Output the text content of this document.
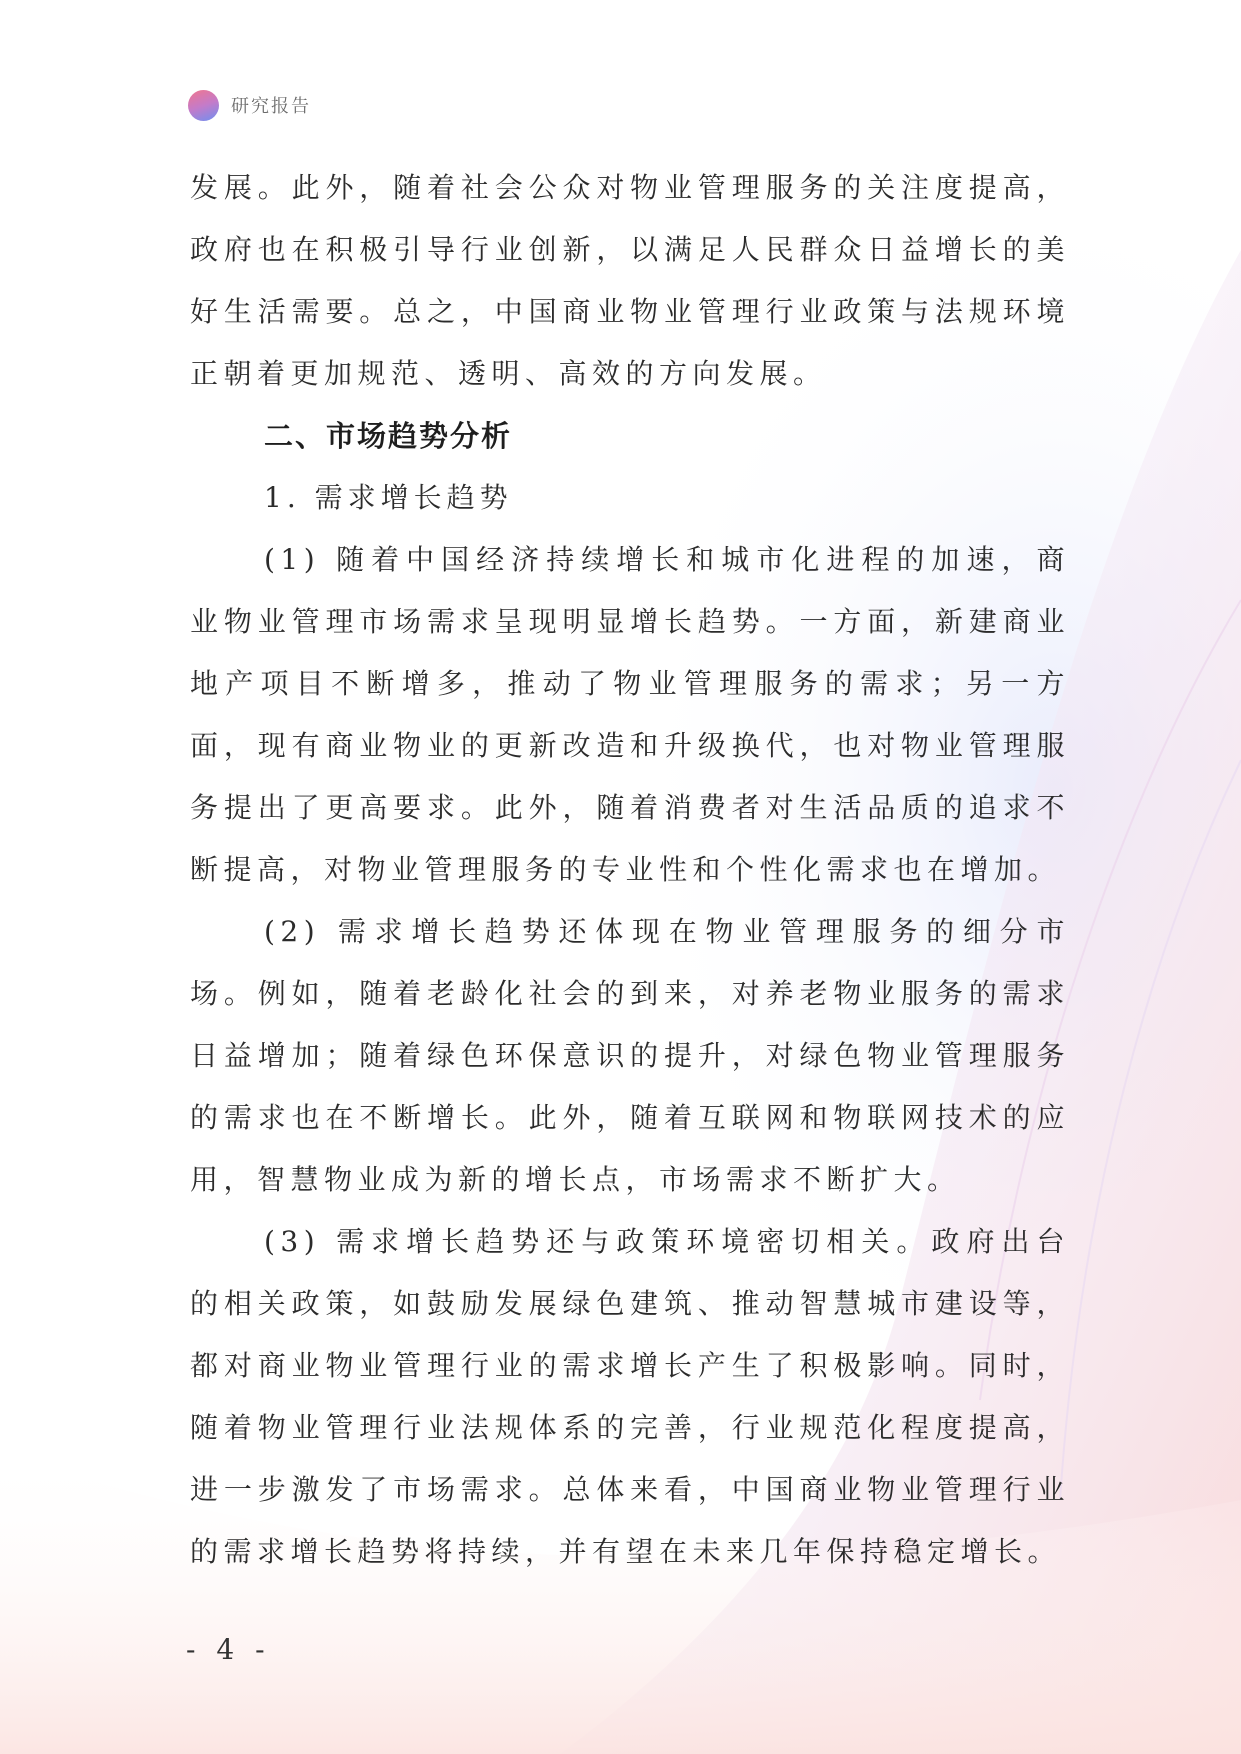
研究报告

发展。此外，随着社会公众对物业管理服务的关注度提高，政府也在积极引导行业创新，以满足人民群众日益增长的美好生活需要。总之，中国商业物业管理行业政策与法规环境正朝着更加规范、透明、高效的方向发展。

二、市场趋势分析

1. 需求增长趋势

(1) 随着中国经济持续增长和城市化进程的加速，商业物业管理市场需求呈现明显增长趋势。一方面，新建商业地产项目不断增多，推动了物业管理服务的需求；另一方面，现有商业物业的更新改造和升级换代，也对物业管理服务提出了更高要求。此外，随着消费者对生活品质的追求不断提高，对物业管理服务的专业性和个性化需求也在增加。

(2) 需求增长趋势还体现在物业管理服务的细分市场。例如，随着老龄化社会的到来，对养老物业服务的需求日益增加；随着绿色环保意识的提升，对绿色物业管理服务的需求也在不断增长。此外，随着互联网和物联网技术的应用，智慧物业成为新的增长点，市场需求不断扩大。

(3) 需求增长趋势还与政策环境密切相关。政府出台的相关政策，如鼓励发展绿色建筑、推动智慧城市建设等，都对商业物业管理行业的需求增长产生了积极影响。同时，随着物业管理行业法规体系的完善，行业规范化程度提高，进一步激发了市场需求。总体来看，中国商业物业管理行业的需求增长趋势将持续，并有望在未来几年保持稳定增长。

- 4 -
